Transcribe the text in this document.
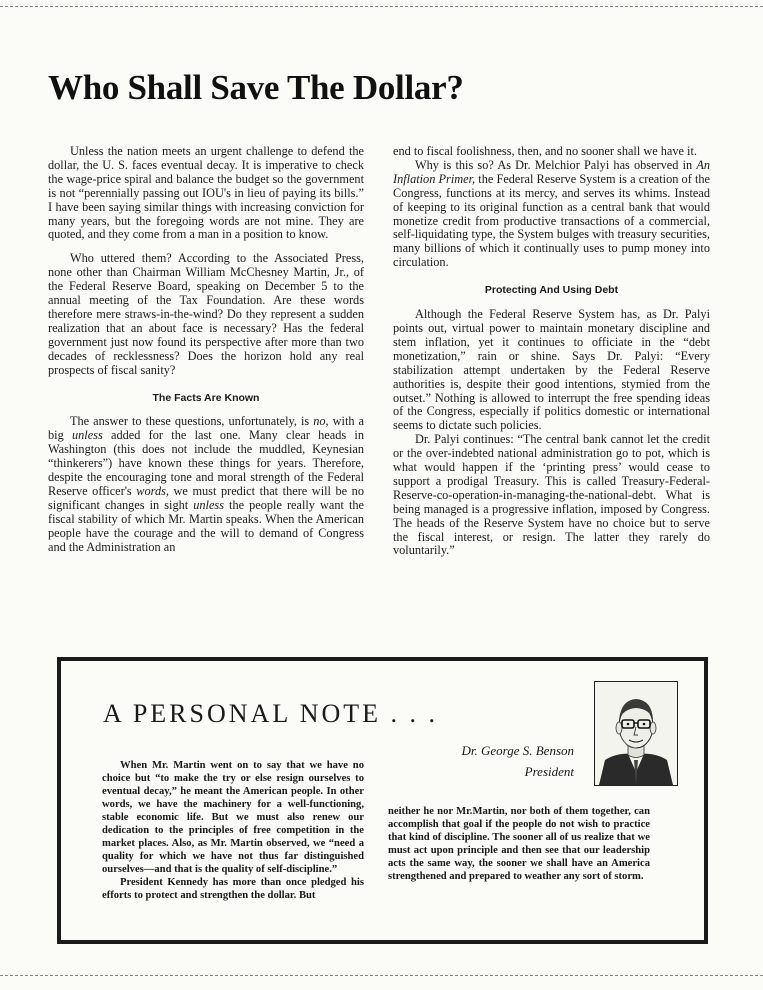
Who Shall Save The Dollar?

Unless the nation meets an urgent challenge to defend the dollar, the U. S. faces eventual decay. It is imperative to check the wage-price spiral and balance the budget so the government is not “perennially passing out IOU's in lieu of paying its bills.” I have been saying similar things with increasing conviction for many years, but the foregoing words are not mine. They are quoted, and they come from a man in a position to know.

Who uttered them? According to the Associated Press, none other than Chairman William McChesney Martin, Jr., of the Federal Reserve Board, speaking on December 5 to the annual meeting of the Tax Foundation. Are these words therefore mere straws-in-the-wind? Do they represent a sudden realization that an about face is necessary? Has the federal government just now found its perspective after more than two decades of recklessness? Does the horizon hold any real prospects of fiscal sanity?

The Facts Are Known

The answer to these questions, unfortunately, is no, with a big unless added for the last one. Many clear heads in Washington (this does not include the muddled, Keynesian “thinkerers”) have known these things for years. Therefore, despite the encouraging tone and moral strength of the Federal Reserve officer's words, we must predict that there will be no significant changes in sight unless the people really want the fiscal stability of which Mr. Martin speaks. When the American people have the courage and the will to demand of Congress and the Administration an

end to fiscal foolishness, then, and no sooner shall we have it.

Why is this so? As Dr. Melchior Palyi has observed in An Inflation Primer, the Federal Reserve System is a creation of the Congress, functions at its mercy, and serves its whims. Instead of keeping to its original function as a central bank that would monetize credit from productive transactions of a commercial, self-liquidating type, the System bulges with treasury securities, many billions of which it continually uses to pump money into circulation.

Protecting And Using Debt

Although the Federal Reserve System has, as Dr. Palyi points out, virtual power to maintain monetary discipline and stem inflation, yet it continues to officiate in the “debt monetization,” rain or shine. Says Dr. Palyi: “Every stabilization attempt undertaken by the Federal Reserve authorities is, despite their good intentions, stymied from the outset.” Nothing is allowed to interrupt the free spending ideas of the Congress, especially if politics domestic or international seems to dictate such policies.

Dr. Palyi continues: “The central bank cannot let the credit or the over-indebted national administration go to pot, which is what would happen if the ‘printing press’ would cease to support a prodigal Treasury. This is called Treasury-Federal-Reserve-co-operation-in-managing-the-national-debt. What is being managed is a progressive inflation, imposed by Congress. The heads of the Reserve System have no choice but to serve the fiscal interest, or resign. The latter they rarely do voluntarily.”

A PERSONAL NOTE . . .
Dr. George S. Benson
President

When Mr. Martin went on to say that we have no choice but “to make the try or else resign ourselves to eventual decay,” he meant the American people. In other words, we have the machinery for a well-functioning, stable economic life. But we must also renew our dedication to the principles of free competition in the market places. Also, as Mr. Martin observed, we “need a quality for which we have not thus far distinguished ourselves—and that is the quality of self-discipline.”

President Kennedy has more than once pledged his efforts to protect and strengthen the dollar. But

neither he nor Mr.Martin, nor both of them together, can accomplish that goal if the people do not wish to practice that kind of discipline. The sooner all of us realize that we must act upon principle and then see that our leadership acts the same way, the sooner we shall have an America strengthened and prepared to weather any sort of storm.
